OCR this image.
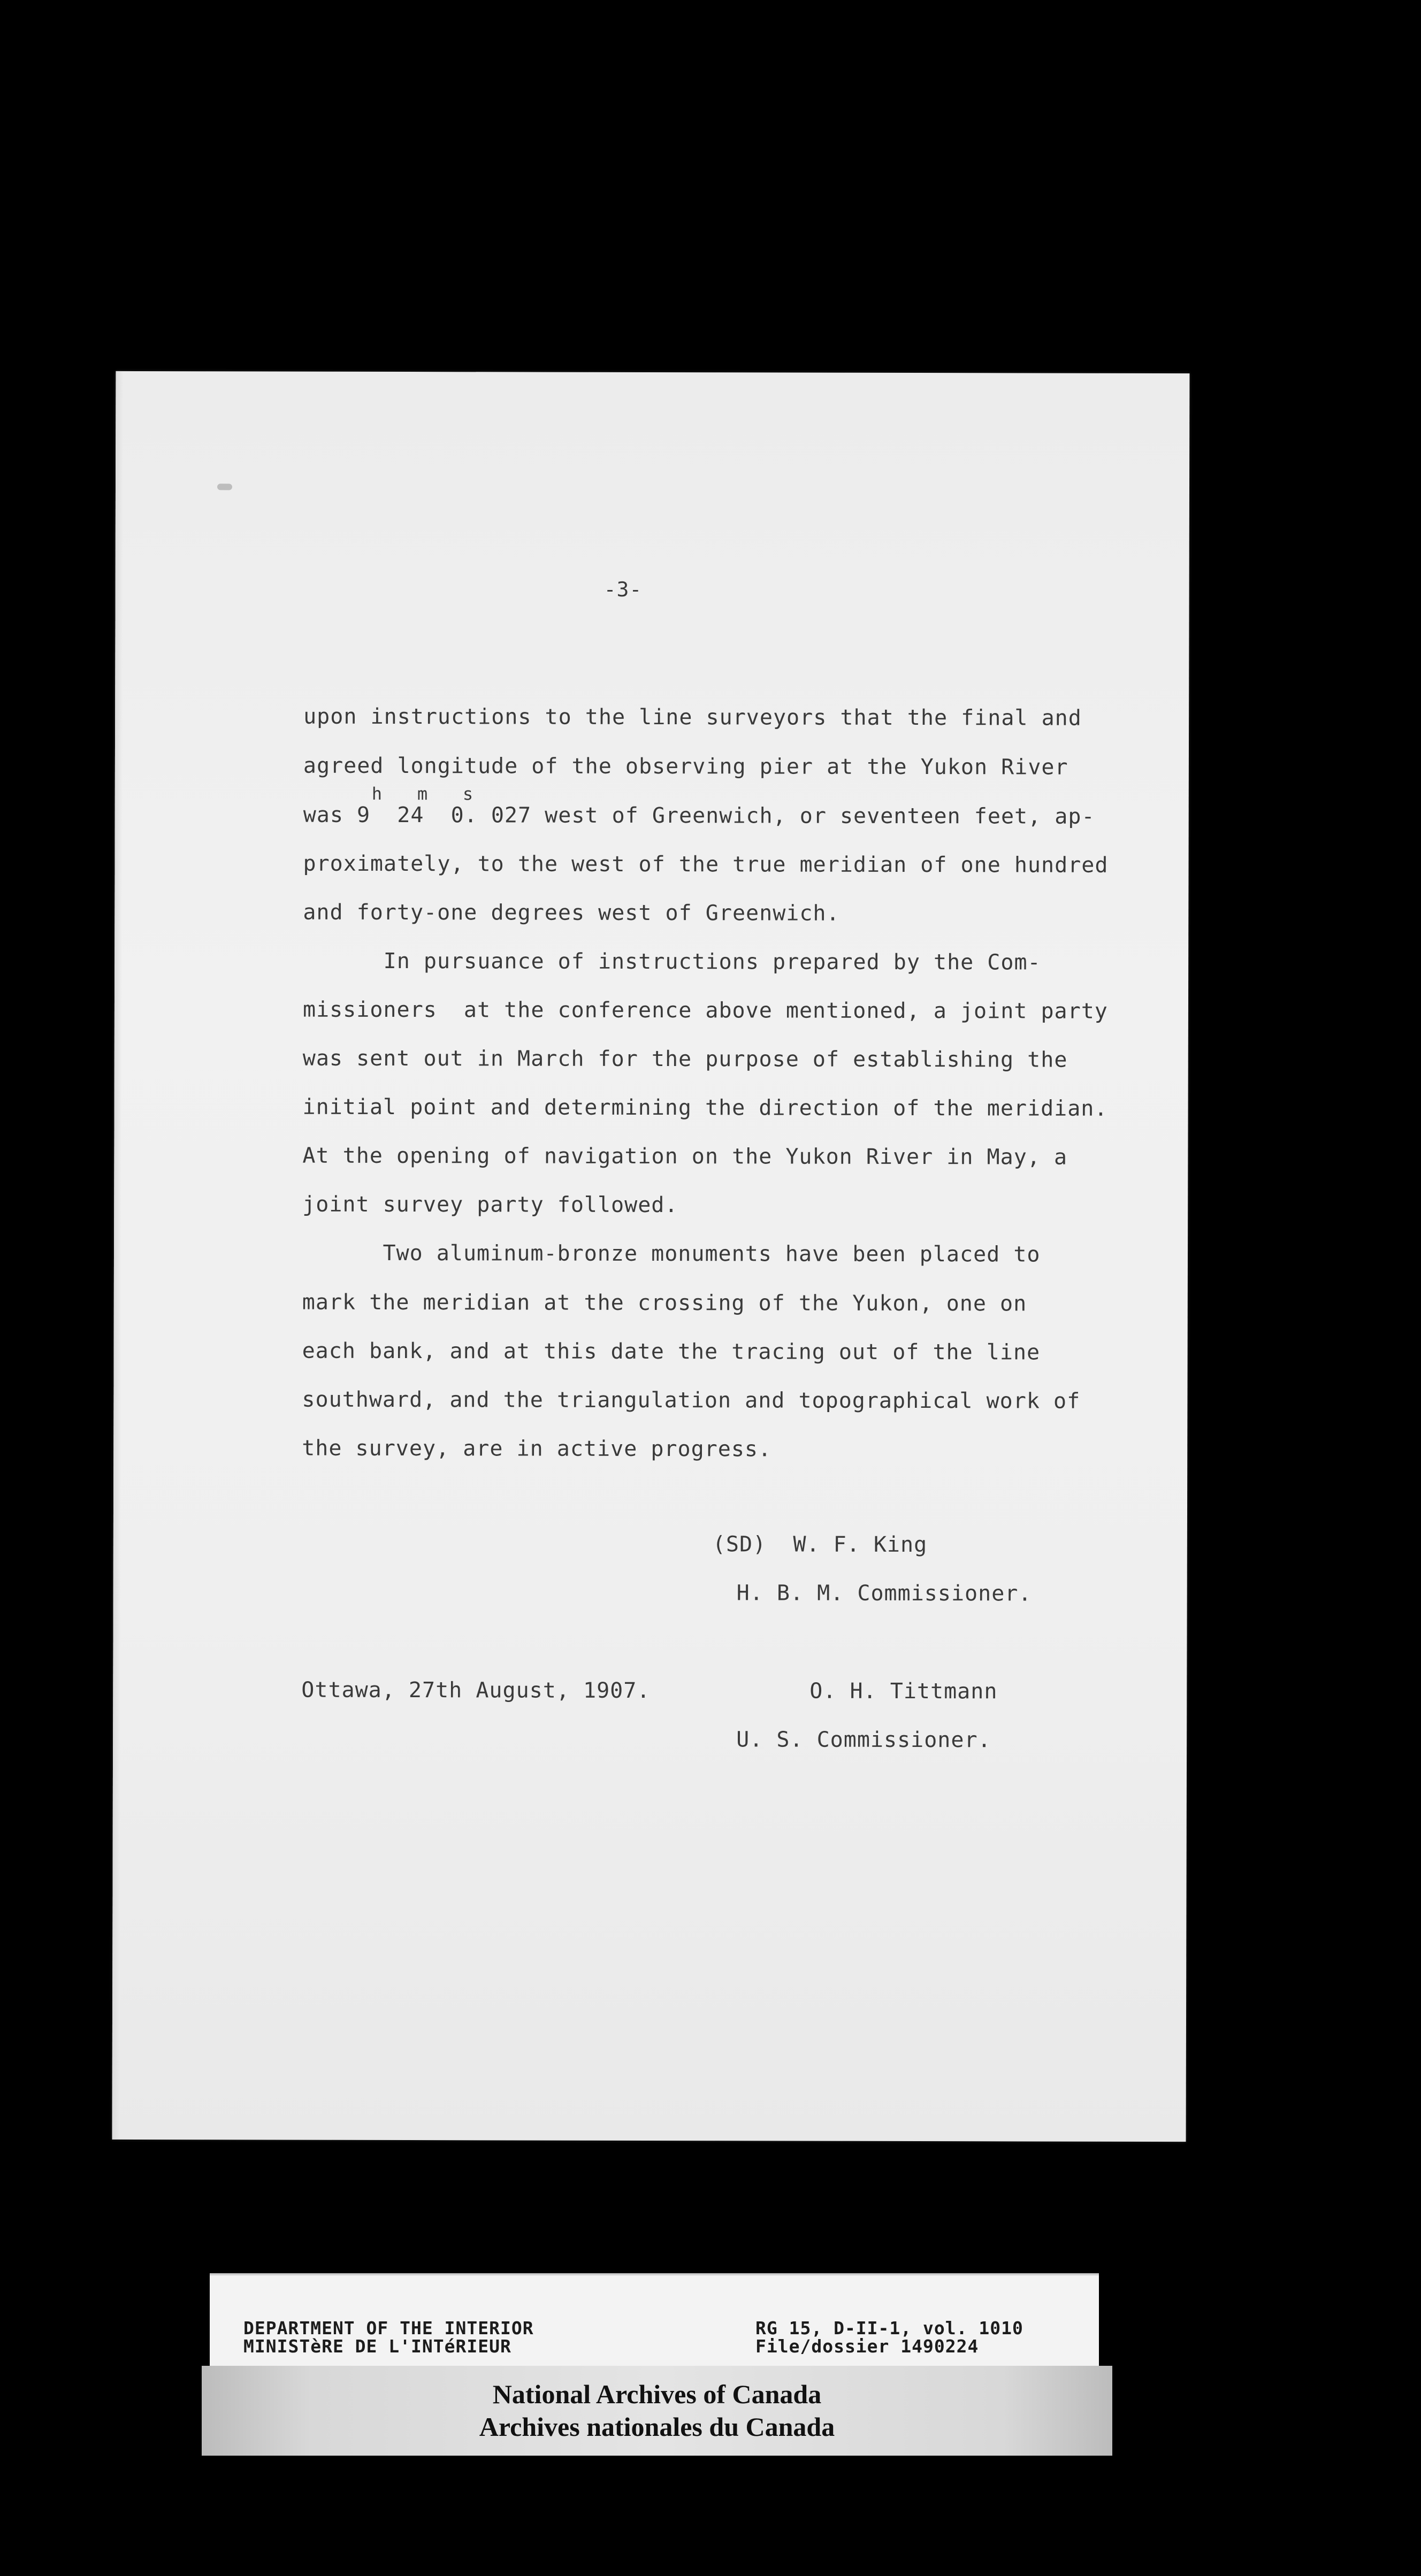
-3-

upon instructions to the line surveyors that the final and

agreed longitude of the observing pier at the Yukon River

h   m   s

was 9  24  0. 027 west of Greenwich, or seventeen feet, ap-

proximately, to the west of the true meridian of one hundred

and forty-one degrees west of Greenwich.

In pursuance of instructions prepared by the Com-

missioners  at the conference above mentioned, a joint party

was sent out in March for the purpose of establishing the

initial point and determining the direction of the meridian.

At the opening of navigation on the Yukon River in May, a

joint survey party followed.

Two aluminum-bronze monuments have been placed to

mark the meridian at the crossing of the Yukon, one on

each bank, and at this date the tracing out of the line

southward, and the triangulation and topographical work of

the survey, are in active progress.

(SD)  W. F. King

H. B. M. Commissioner.

Ottawa, 27th August, 1907.	O. H. Tittmann

U. S. Commissioner.

DEPARTMENT OF THE INTERIOR
MINISTèRE DE L'INTéRIEUR
RG 15, D-II-1, vol. 1010
File/dossier 1490224
National Archives of Canada
Archives nationales du Canada
